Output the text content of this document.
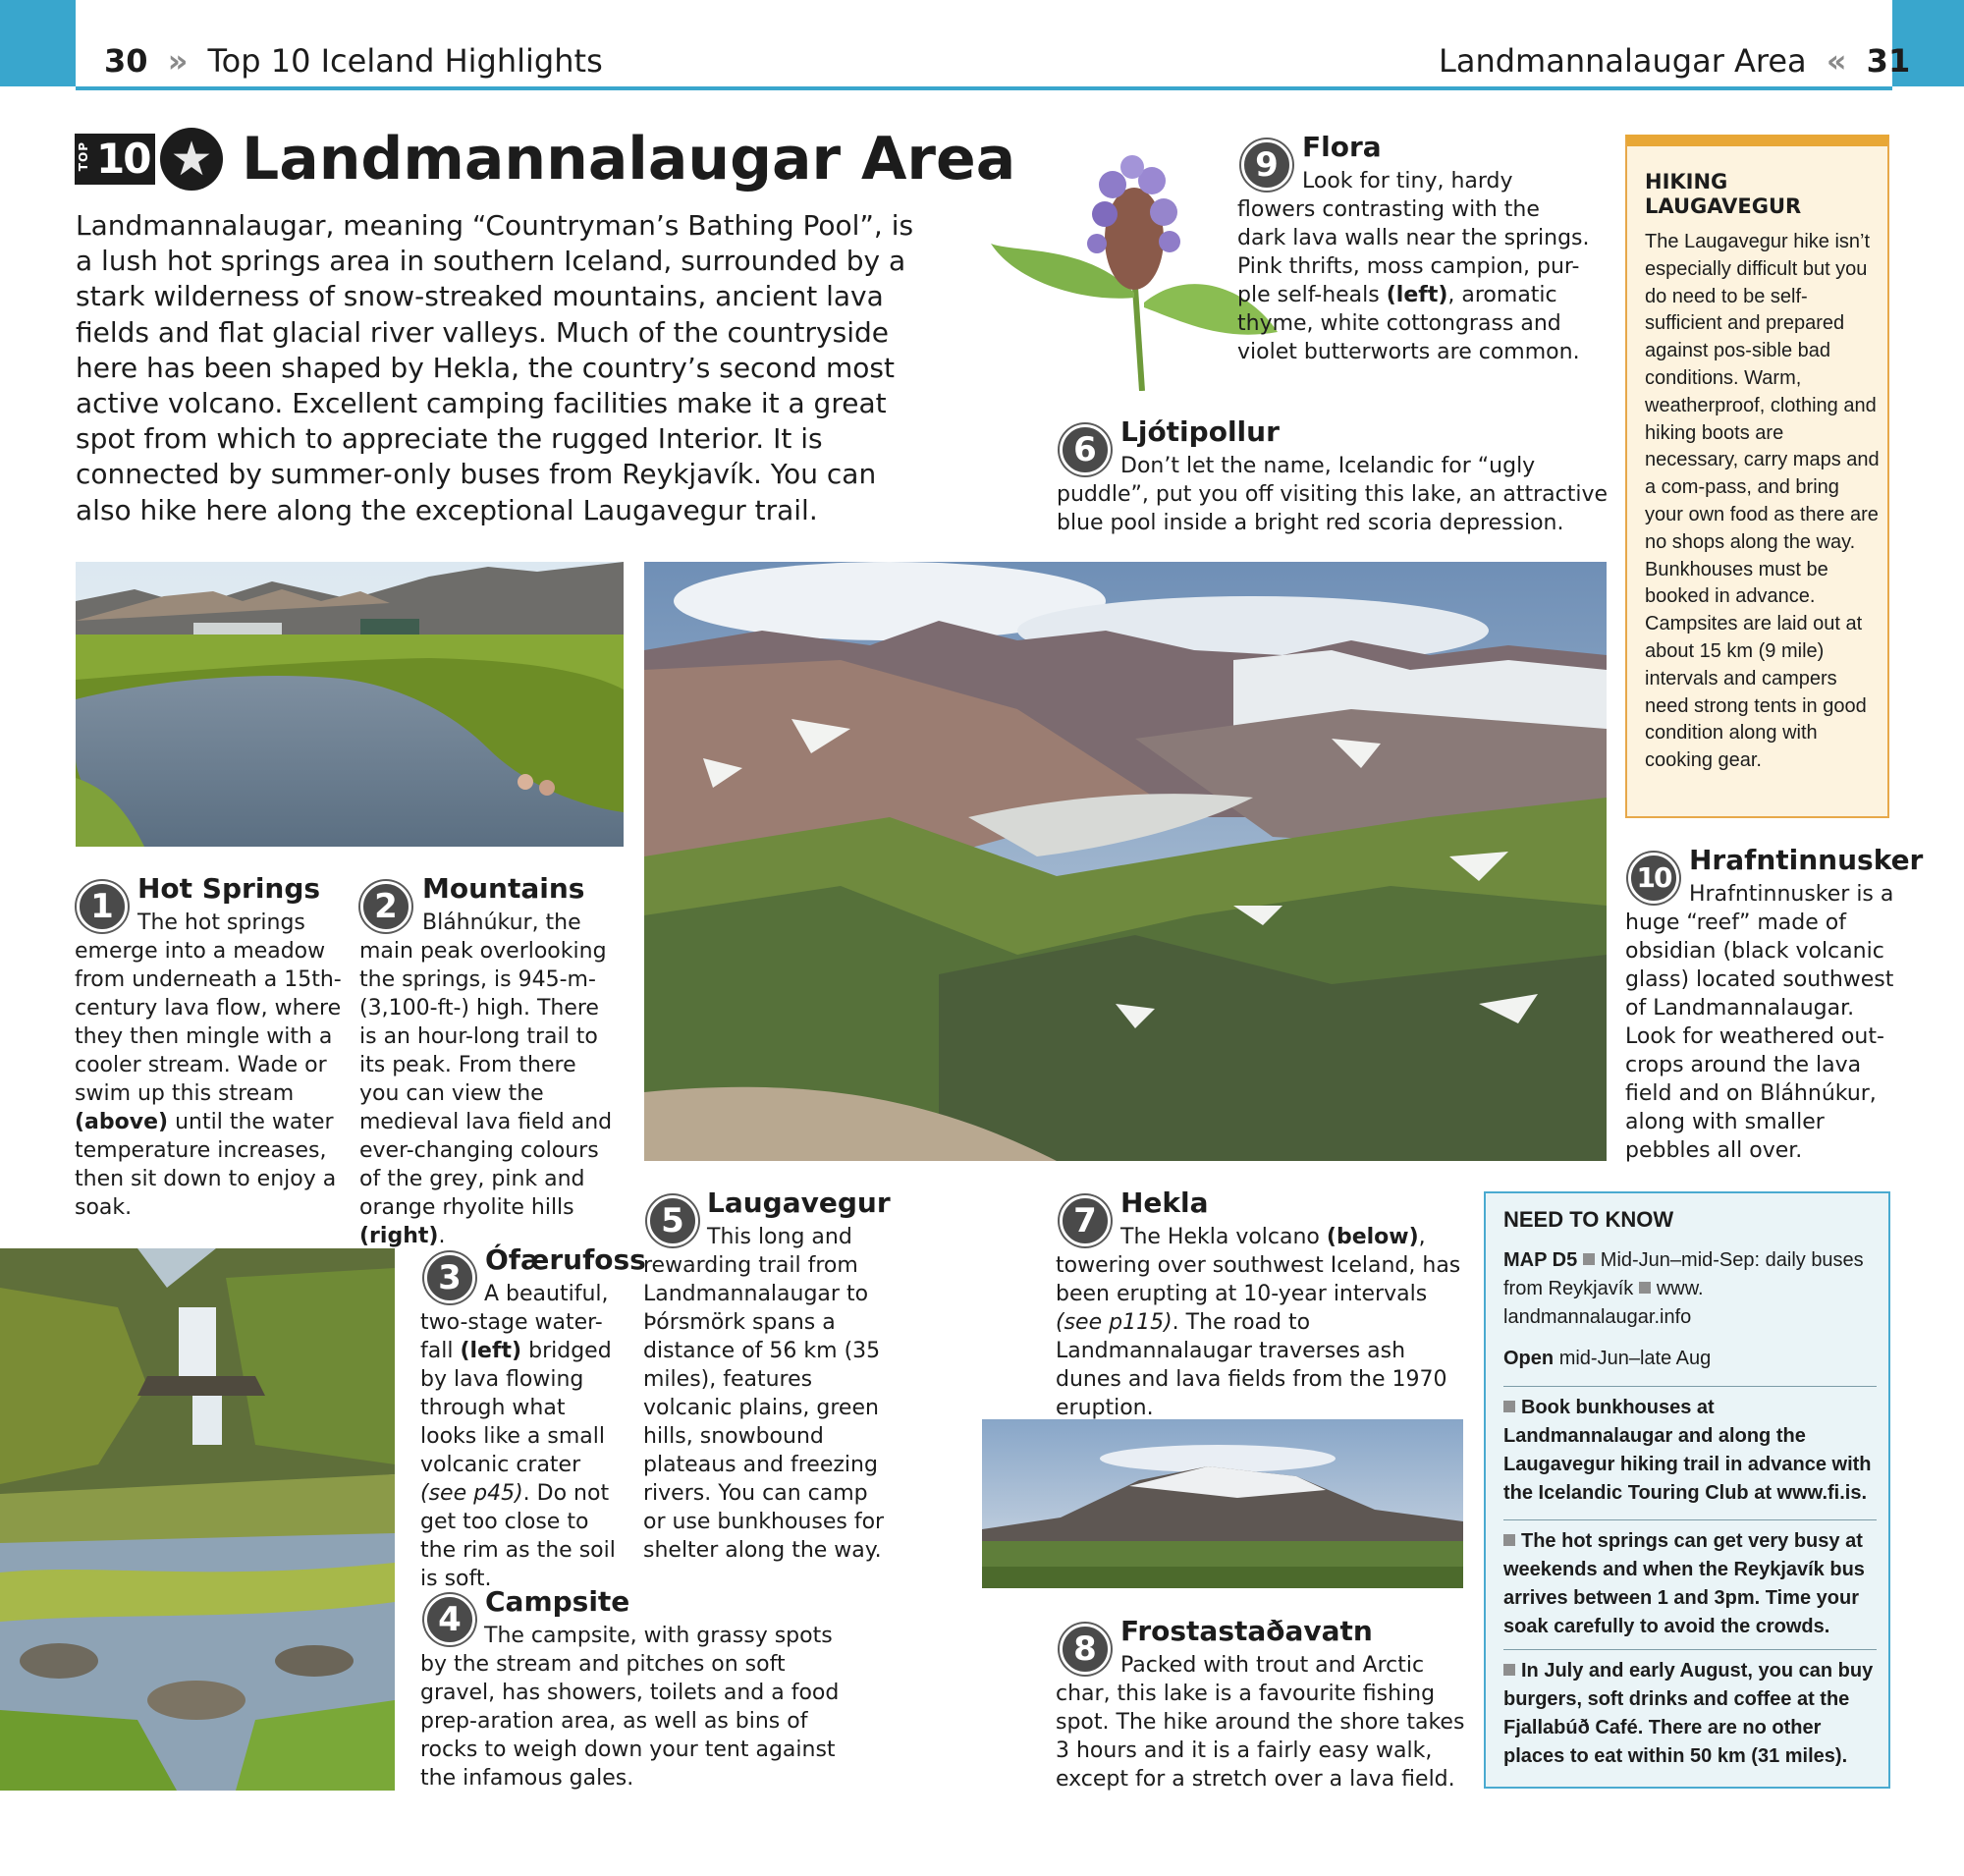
30 » Top 10 Iceland Highlights	Landmannalaugar Area « 31
TOP 10 ★ Landmannalaugar Area
Landmannalaugar, meaning “Countryman’s Bathing Pool”, is a lush hot springs area in southern Iceland, surrounded by a stark wilderness of snow-streaked mountains, ancient lava fields and flat glacial river valleys. Much of the countryside here has been shaped by Hekla, the country’s second most active volcano. Excellent camping facilities make it a great spot from which to appreciate the rugged Interior. It is connected by summer-only buses from Reykjavík. You can also hike here along the exceptional Laugavegur trail.
1 Hot Springs
The hot springs emerge into a meadow from underneath a 15th-century lava flow, where they then mingle with a cooler stream. Wade or swim up this stream (above) until the water temperature increases, then sit down to enjoy a soak.
2 Mountains
Bláhnúkur, the main peak overlooking the springs, is 945-m- (3,100-ft-) high. There is an hour-long trail to its peak. From there you can view the medieval lava field and ever-changing colours of the grey, pink and orange rhyolite hills (right).
3 Ófærufoss
A beautiful, two-stage water-fall (left) bridged by lava flowing through what looks like a small volcanic crater (see p45). Do not get too close to the rim as the soil is soft.
4 Campsite
The campsite, with grassy spots by the stream and pitches on soft gravel, has showers, toilets and a food prep-aration area, as well as bins of rocks to weigh down your tent against the infamous gales.
5 Laugavegur
This long and rewarding trail from Landmannalaugar to Þórsmörk spans a distance of 56 km (35 miles), features volcanic plains, green hills, snowbound plateaus and freezing rivers. You can camp or use bunkhouses for shelter along the way.
6 Ljótipollur
Don’t let the name, Icelandic for “ugly puddle”, put you off visiting this lake, an attractive blue pool inside a bright red scoria depression.
7 Hekla
The Hekla volcano (below), towering over southwest Iceland, has been erupting at 10-year intervals (see p115). The road to Landmannalaugar traverses ash dunes and lava fields from the 1970 eruption.
8 Frostastaðavatn
Packed with trout and Arctic char, this lake is a favourite fishing spot. The hike around the shore takes 3 hours and it is a fairly easy walk, except for a stretch over a lava field.
9 Flora
Look for tiny, hardy flowers contrasting with the dark lava walls near the springs. Pink thrifts, moss campion, pur-ple self-heals (left), aromatic thyme, white cottongrass and violet butterworts are common.
10
Hrafntinnusker
Hrafntinnusker is a huge “reef” made of obsidian (black volcanic glass) located southwest of Landmannalaugar. Look for weathered out-crops around the lava field and on Bláhnúkur, along with smaller pebbles all over.
HIKING LAUGAVEGUR
The Laugavegur hike isn’t especially difficult but you do need to be self-sufficient and prepared against pos-sible bad conditions. Warm, weatherproof, clothing and hiking boots are necessary, carry maps and a com-pass, and bring your own food as there are no shops along the way. Bunkhouses must be booked in advance. Campsites are laid out at about 15 km (9 mile) intervals and campers need strong tents in good condition along with cooking gear.
NEED TO KNOW
MAP D5 Mid-Jun–mid-Sep: daily buses from Reykjavík www. landmannalaugar.info
Open mid-Jun–late Aug
Book bunkhouses at Landmannalaugar and along the Laugavegur hiking trail in advance with the Icelandic Touring Club at www.fi.is.
The hot springs can get very busy at weekends and when the Reykjavík bus arrives between 1 and 3pm. Time your soak carefully to avoid the crowds.
In July and early August, you can buy burgers, soft drinks and coffee at the Fjallabúð Café. There are no other places to eat within 50 km (31 miles).
